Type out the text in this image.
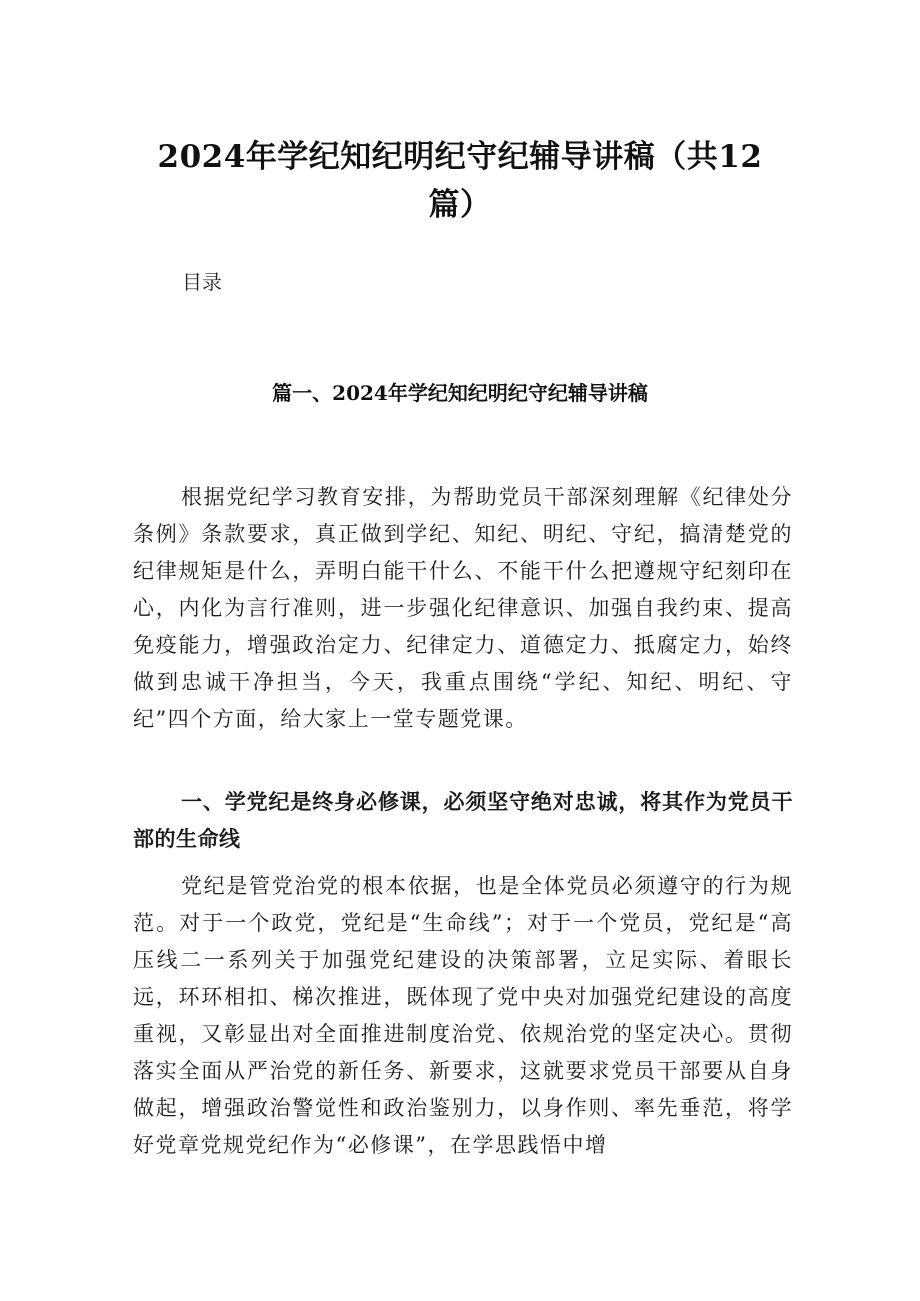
2024年学纪知纪明纪守纪辅导讲稿（共12篇）
目录
篇一、2024年学纪知纪明纪守纪辅导讲稿

根据党纪学习教育安排，为帮助党员干部深刻理解《纪律处分条例》条款要求，真正做到学纪、知纪、明纪、守纪，搞清楚党的纪律规矩是什么，弄明白能干什么、不能干什么把遵规守纪刻印在心，内化为言行准则，进一步强化纪律意识、加强自我约束、提高免疫能力，增强政治定力、纪律定力、道德定力、抵腐定力，始终做到忠诚干净担当，今天，我重点围绕“学纪、知纪、明纪、守纪”四个方面，给大家上一堂专题党课。

一、学党纪是终身必修课，必须坚守绝对忠诚，将其作为党员干部的生命线

党纪是管党治党的根本依据，也是全体党员必须遵守的行为规范。对于一个政党，党纪是“生命线”；对于一个党员，党纪是“高压线二一系列关于加强党纪建设的决策部署，立足实际、着眼长远，环环相扣、梯次推进，既体现了党中央对加强党纪建设的高度重视，又彰显出对全面推进制度治党、依规治党的坚定决心。贯彻落实全面从严治党的新任务、新要求，这就要求党员干部要从自身做起，增强政治警觉性和政治鉴别力，以身作则、率先垂范，将学好党章党规党纪作为“必修课”，在学思践悟中增
